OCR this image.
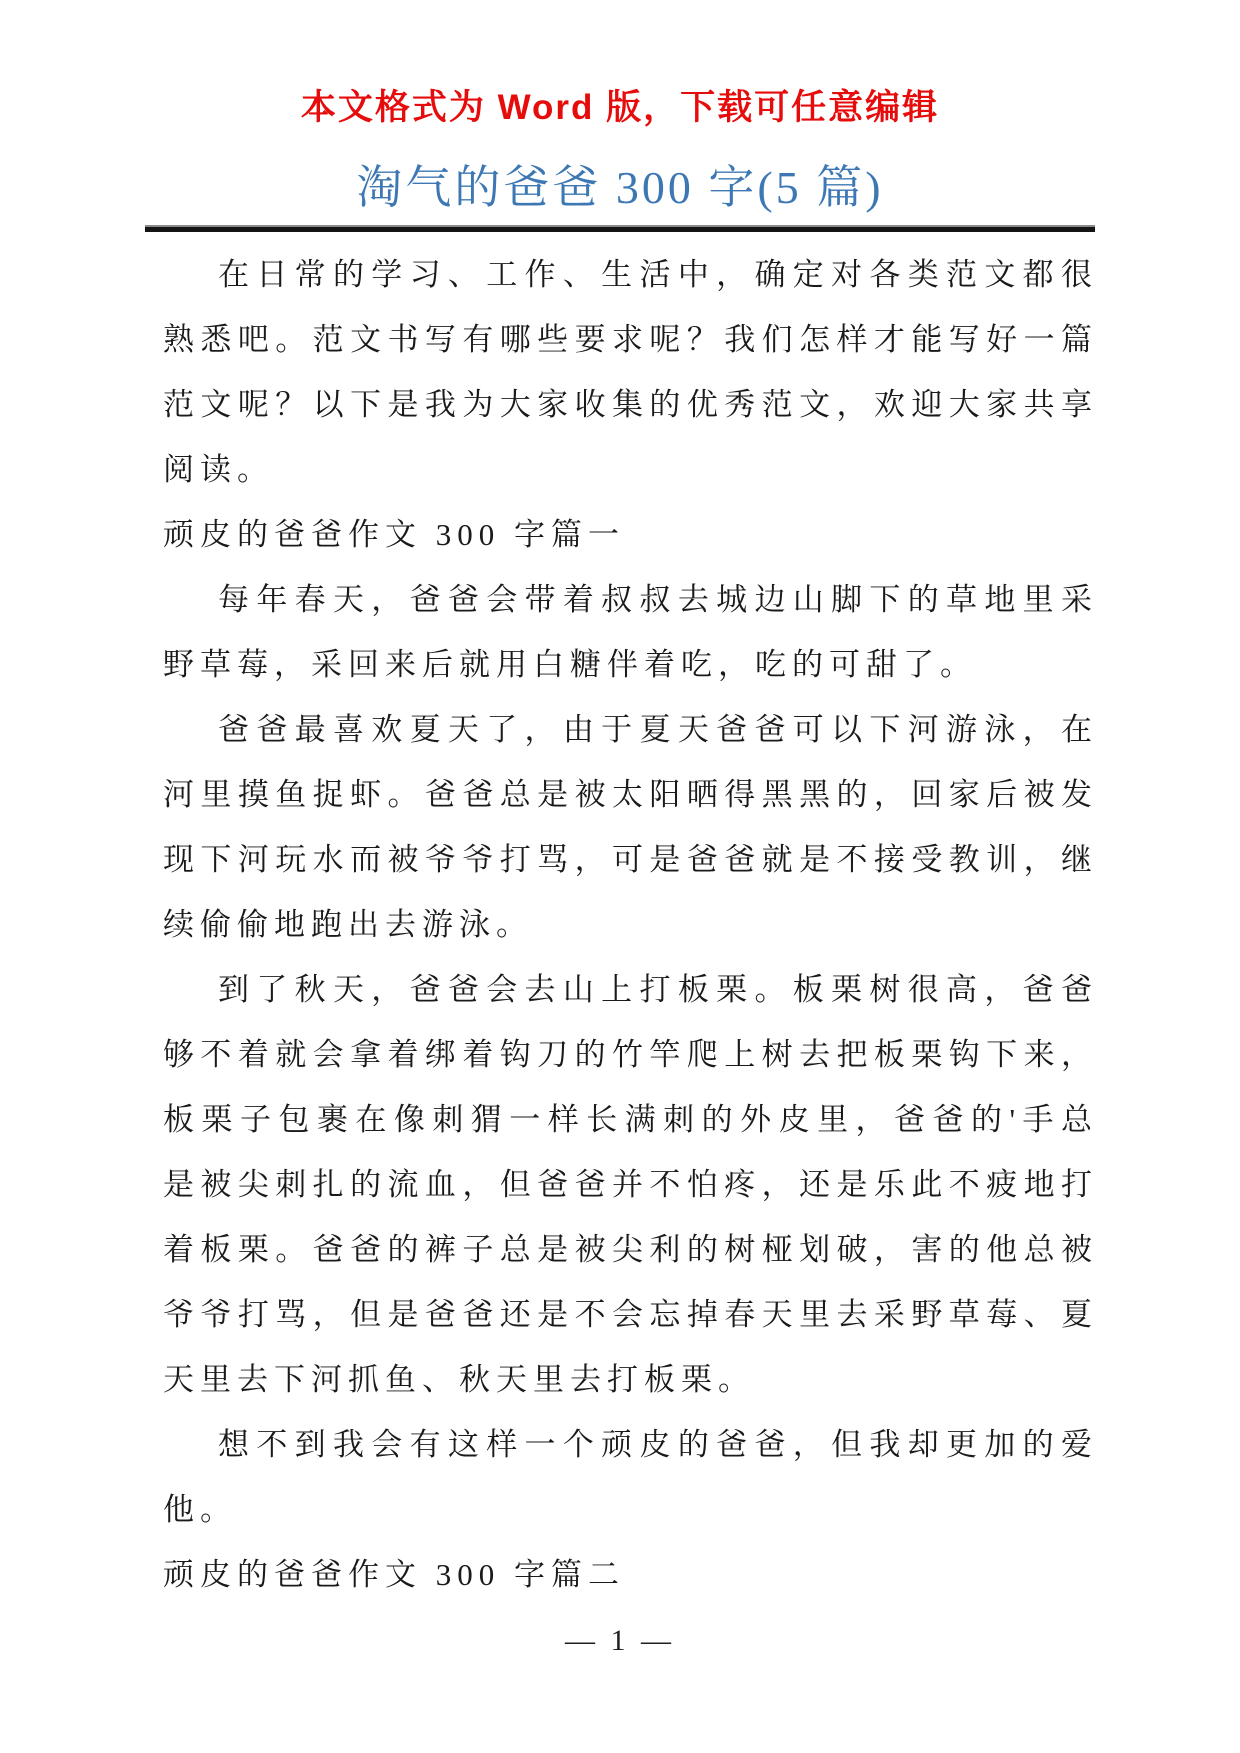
本文格式为 Word 版，下载可任意编辑
淘气的爸爸 300 字(5 篇)
在日常的学习、工作、生活中，确定对各类范文都很熟悉吧。范文书写有哪些要求呢？我们怎样才能写好一篇范文呢？以下是我为大家收集的优秀范文，欢迎大家共享阅读。
顽皮的爸爸作文 300 字篇一
每年春天，爸爸会带着叔叔去城边山脚下的草地里采野草莓，采回来后就用白糖伴着吃，吃的可甜了。
爸爸最喜欢夏天了，由于夏天爸爸可以下河游泳，在河里摸鱼捉虾。爸爸总是被太阳晒得黑黑的，回家后被发现下河玩水而被爷爷打骂，可是爸爸就是不接受教训，继续偷偷地跑出去游泳。
到了秋天，爸爸会去山上打板栗。板栗树很高，爸爸够不着就会拿着绑着钩刀的竹竿爬上树去把板栗钩下来，板栗子包裹在像刺猬一样长满刺的外皮里，爸爸的'手总是被尖刺扎的流血，但爸爸并不怕疼，还是乐此不疲地打着板栗。爸爸的裤子总是被尖利的树桠划破，害的他总被爷爷打骂，但是爸爸还是不会忘掉春天里去采野草莓、夏天里去下河抓鱼、秋天里去打板栗。
想不到我会有这样一个顽皮的爸爸，但我却更加的爱他。
顽皮的爸爸作文 300 字篇二
— 1 —
